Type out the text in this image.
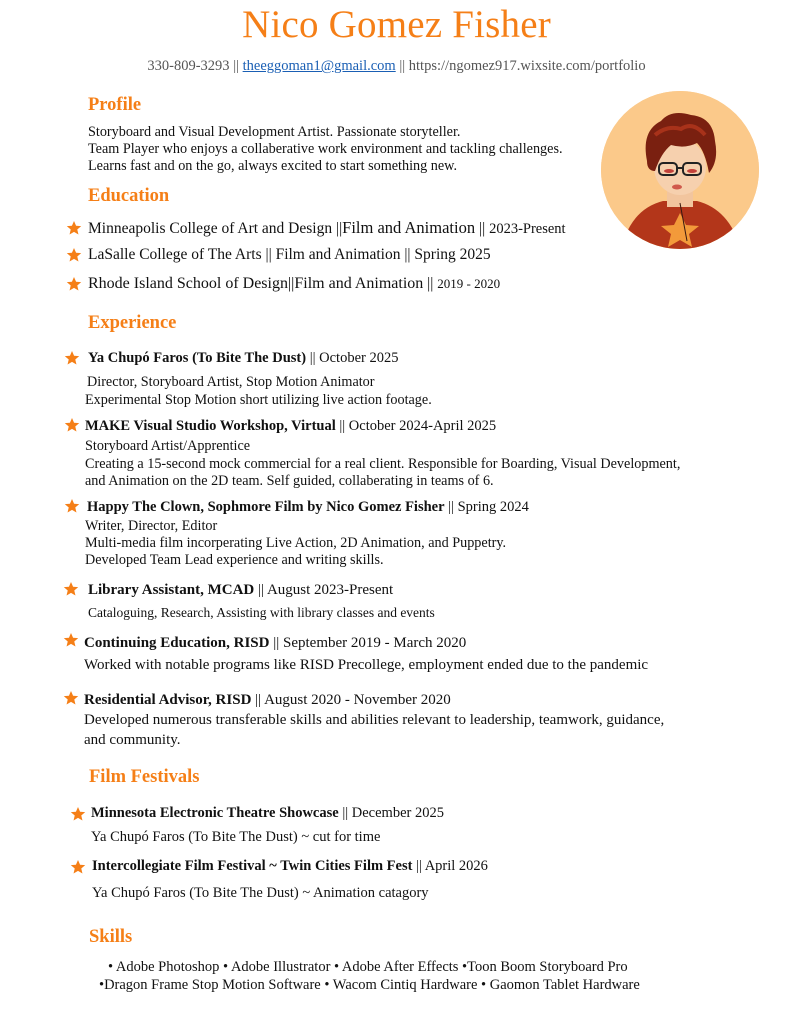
Nico Gomez Fisher
330-809-3293 || theeggoman1@gmail.com || https://ngomez917.wixsite.com/portfolio
Profile
Storyboard and Visual Development Artist. Passionate storyteller.
Team Player who enjoys a collaberative work environment and tackling challenges.
Learns fast and on the go, always excited to start something new.
Education
Minneapolis College of Art and Design ||Film and Animation || 2023-Present
LaSalle College of The Arts || Film and Animation || Spring 2025
Rhode Island School of Design||Film and Animation || 2019 - 2020
Experience
Ya Chupó Faros (To Bite The Dust) || October 2025
Director, Storyboard Artist, Stop Motion Animator
Experimental Stop Motion short utilizing live action footage.
MAKE Visual Studio Workshop, Virtual || October 2024-April 2025
Storyboard Artist/Apprentice
Creating a 15-second mock commercial for a real client. Responsible for Boarding, Visual Development,
and Animation on the 2D team. Self guided, collaberating in teams of 6.
Happy The Clown, Sophmore Film by Nico Gomez Fisher || Spring 2024
Writer, Director, Editor
Multi-media film incorperating Live Action, 2D Animation, and Puppetry.
Developed Team Lead experience and writing skills.
Library Assistant, MCAD || August 2023-Present
Cataloguing, Research, Assisting with library classes and events
Continuing Education, RISD || September 2019 - March 2020
Worked with notable programs like RISD Precollege, employment ended due to the pandemic
Residential Advisor, RISD || August 2020 - November 2020
Developed numerous transferable skills and abilities relevant to leadership, teamwork, guidance,
and community.
Film Festivals
Minnesota Electronic Theatre Showcase || December 2025
Ya Chupó Faros (To Bite The Dust) ~ cut for time
Intercollegiate Film Festival ~ Twin Cities Film Fest || April 2026
Ya Chupó Faros (To Bite The Dust) ~ Animation catagory
Skills
• Adobe Photoshop • Adobe Illustrator • Adobe After Effects •Toon Boom Storyboard Pro
•Dragon Frame Stop Motion Software • Wacom Cintiq Hardware • Gaomon Tablet Hardware
